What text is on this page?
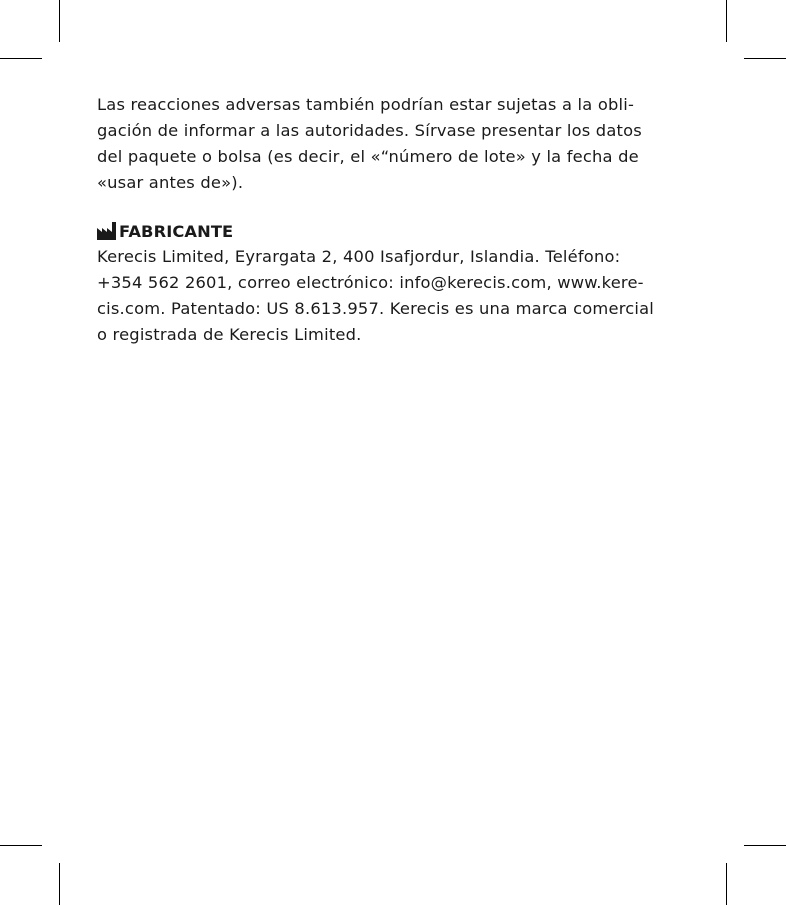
Las reacciones adversas también podrían estar sujetas a la obli-
gación de informar a las autoridades. Sírvase presentar los datos
del paquete o bolsa (es decir, el «“número de lote» y la fecha de
«usar antes de»).

FABRICANTE

Kerecis Limited, Eyrargata 2, 400 Isafjordur, Islandia. Teléfono:
+354 562 2601, correo electrónico: info@kerecis.com, www.kere-
cis.com. Patentado: US 8.613.957. Kerecis es una marca comercial
o registrada de Kerecis Limited.
